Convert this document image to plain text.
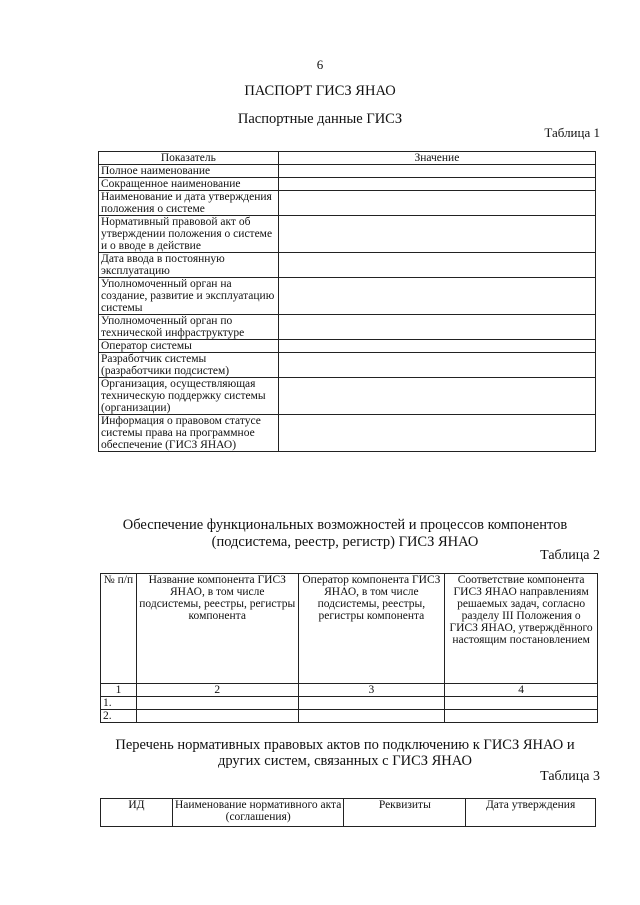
6
ПАСПОРТ ГИСЗ ЯНАО
Паспортные данные ГИСЗ
Таблица 1
Показатель	Значение
Полное наименование	
Сокращенное наименование	
Наименование и дата утверждения положения о системе	
Нормативный правовой акт об утверждении положения о системе и о вводе в действие	
Дата ввода в постоянную эксплуатацию	
Уполномоченный орган на создание, развитие и эксплуатацию системы	
Уполномоченный орган по технической инфраструктуре	
Оператор системы	
Разработчик системы (разработчики подсистем)	
Организация, осуществляющая техническую поддержку системы (организации)	
Информация о правовом статусе системы права на программное обеспечение (ГИСЗ ЯНАО)	
Обеспечение функциональных возможностей и процессов компонентов
(подсистема, реестр, регистр) ГИСЗ ЯНАО
Таблица 2
№ п/п	Название компонента ГИСЗ ЯНАО, в том числе подсистемы, реестры, регистры компонента	Оператор компонента ГИСЗ ЯНАО, в том числе подсистемы, реестры, регистры компонента	Соответствие компонента ГИСЗ ЯНАО направлениям решаемых задач, согласно разделу III Положения о ГИСЗ ЯНАО, утверждённого настоящим постановлением
1	2	3	4
1.			
2.			
Перечень нормативных правовых актов по подключению к ГИСЗ ЯНАО и
других систем, связанных с ГИСЗ ЯНАО
Таблица 3
ИД	Наименование нормативного акта (соглашения)	Реквизиты	Дата утверждения
